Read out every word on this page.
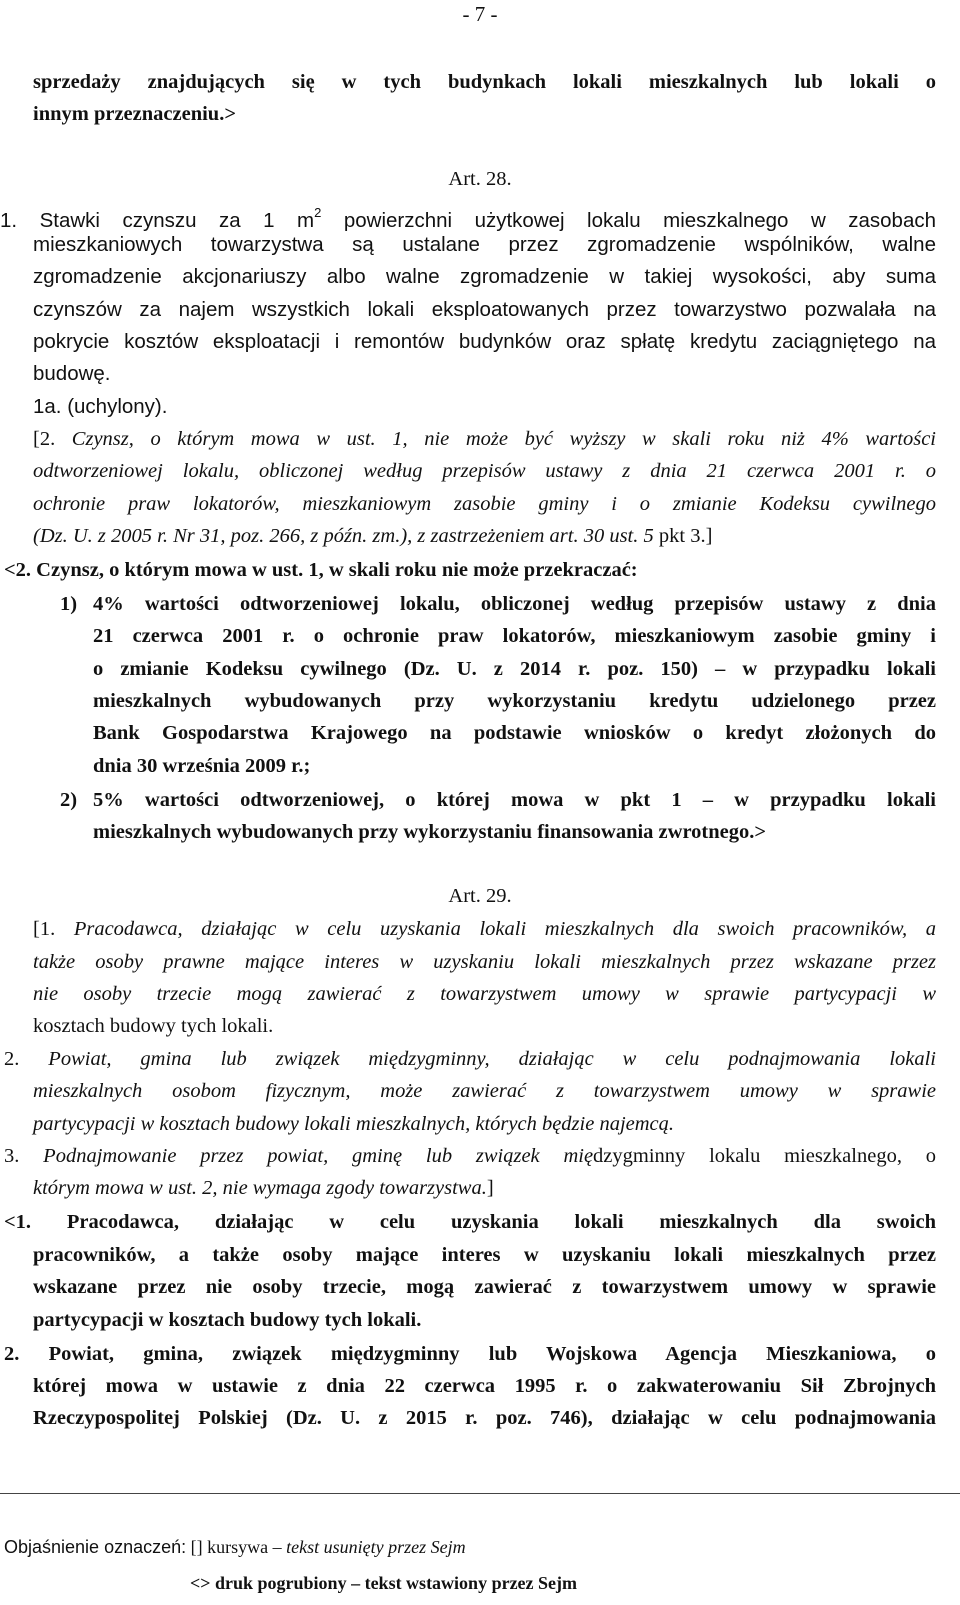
- 7 -
sprzedaży znajdujących się w tych budynkach lokali mieszkalnych lub lokali o
innym przeznaczeniu.>
Art. 28.
1. Stawki czynszu za 1 $m^2$ powierzchni użytkowej lokalu mieszkalnego w zasobach
mieszkaniowych towarzystwa są ustalane przez zgromadzenie wspólników, walne
zgromadzenie akcjonariuszy albo walne zgromadzenie w takiej wysokości, aby suma
czynszów za najem wszystkich lokali eksploatowanych przez towarzystwo pozwalała na
pokrycie kosztów eksploatacji i remontów budynków oraz spłatę kredytu zaciągniętego na
budowę.
1a. (uchylony).
[2. Czynsz, o którym mowa w ust. 1, nie może być wyższy w skali roku niż 4% wartości
odtworzeniowej lokalu, obliczonej według przepisów ustawy z dnia 21 czerwca 2001 r. o
ochronie praw lokatorów, mieszkaniowym zasobie gminy i o zmianie Kodeksu cywilnego
(Dz. U. z 2005 r. Nr 31, poz. 266, z późn. zm.), z zastrzeżeniem art. 30 ust. 5 pkt 3.]
<2. Czynsz, o którym mowa w ust. 1, w skali roku nie może przekraczać:
1) 4% wartości odtworzeniowej lokalu, obliczonej według przepisów ustawy z dnia
21 czerwca 2001 r. o ochronie praw lokatorów, mieszkaniowym zasobie gminy i
o zmianie Kodeksu cywilnego (Dz. U. z 2014 r. poz. 150) – w przypadku lokali
mieszkalnych wybudowanych przy wykorzystaniu kredytu udzielonego przez
Bank Gospodarstwa Krajowego na podstawie wniosków o kredyt złożonych do
dnia 30 września 2009 r.;
2) 5% wartości odtworzeniowej, o której mowa w pkt 1 – w przypadku lokali
mieszkalnych wybudowanych przy wykorzystaniu finansowania zwrotnego.>
Art. 29.
[1. Pracodawca, działając w celu uzyskania lokali mieszkalnych dla swoich pracowników, a
także osoby prawne mające interes w uzyskaniu lokali mieszkalnych przez wskazane przez
nie osoby trzecie mogą zawierać z towarzystwem umowy w sprawie partycypacji w
kosztach budowy tych lokali.
2. Powiat, gmina lub związek międzygminny, działając w celu podnajmowania lokali
mieszkalnych osobom fizycznym, może zawierać z towarzystwem umowy w sprawie
partycypacji w kosztach budowy lokali mieszkalnych, których będzie najemcą.
3. Podnajmowanie przez powiat, gminę lub związek międzygminny lokalu mieszkalnego, o
którym mowa w ust. 2, nie wymaga zgody towarzystwa.]
<1. Pracodawca, działając w celu uzyskania lokali mieszkalnych dla swoich
pracowników, a także osoby mające interes w uzyskaniu lokali mieszkalnych przez
wskazane przez nie osoby trzecie, mogą zawierać z towarzystwem umowy w sprawie
partycypacji w kosztach budowy tych lokali.
2. Powiat, gmina, związek międzygminny lub Wojskowa Agencja Mieszkaniowa, o
której mowa w ustawie z dnia 22 czerwca 1995 r. o zakwaterowaniu Sił Zbrojnych
Rzeczypospolitej Polskiej (Dz. U. z 2015 r. poz. 746), działając w celu podnajmowania
Objaśnienie oznaczeń: [] kursywa – tekst usunięty przez Sejm
<> druk pogrubiony – tekst wstawiony przez Sejm
